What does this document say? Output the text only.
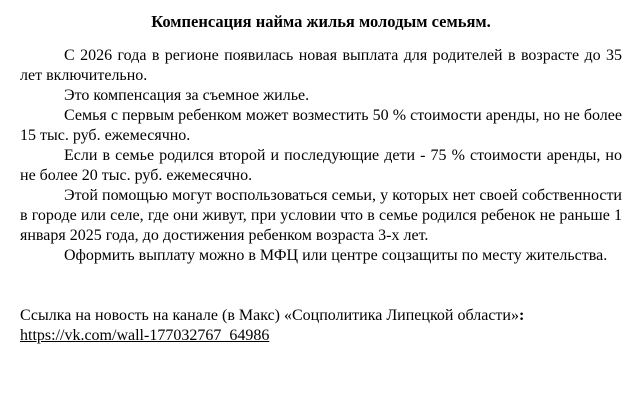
Компенсация найма жилья молодым семьям.

С 2026 года в регионе появилась новая выплата для родителей в возрасте до 35 лет включительно.

Это компенсация за съемное жилье.

Семья с первым ребенком может возместить 50 % стоимости аренды, но не более 15 тыс. руб. ежемесячно.

Если в семье родился второй и последующие дети - 75 % стоимости аренды, но не более 20 тыс. руб. ежемесячно.

Этой помощью могут воспользоваться семьи, у которых нет своей собственности в городе или селе, где они живут, при условии что в семье родился ребенок не раньше 1 января 2025 года, до достижения ребенком возраста 3-х лет.

Оформить выплату можно в МФЦ или центре соцзащиты по месту жительства.

Ссылка на новость на канале (в Макс) «Соцполитика Липецкой области»:

https://vk.com/wall-177032767_64986
